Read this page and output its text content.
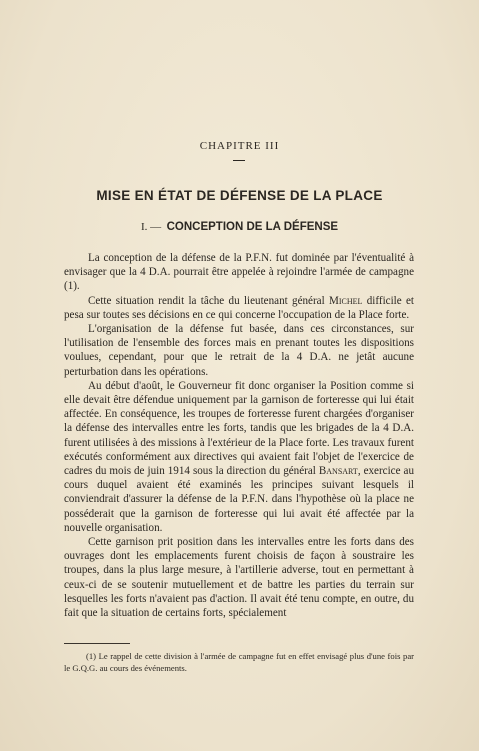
CHAPITRE III
MISE EN ÉTAT DE DÉFENSE DE LA PLACE
I. — CONCEPTION DE LA DÉFENSE

La conception de la défense de la P.F.N. fut dominée par l'éventualité à envisager que la 4 D.A. pourrait être appelée à rejoindre l'armée de campagne (1).

Cette situation rendit la tâche du lieutenant général Michel difficile et pesa sur toutes ses décisions en ce qui concerne l'occupation de la Place forte.

L'organisation de la défense fut basée, dans ces circonstances, sur l'utilisation de l'ensemble des forces mais en prenant toutes les dispositions voulues, cependant, pour que le retrait de la 4 D.A. ne jetât aucune perturbation dans les opérations.

Au début d'août, le Gouverneur fit donc organiser la Position comme si elle devait être défendue uniquement par la garnison de forteresse qui lui était affectée. En conséquence, les troupes de forteresse furent chargées d'organiser la défense des intervalles entre les forts, tandis que les brigades de la 4 D.A. furent utilisées à des missions à l'extérieur de la Place forte. Les travaux furent exécutés conformément aux directives qui avaient fait l'objet de l'exercice de cadres du mois de juin 1914 sous la direction du général Bansart, exercice au cours duquel avaient été examinés les principes suivant lesquels il conviendrait d'assurer la défense de la P.F.N. dans l'hypothèse où la place ne posséderait que la garnison de forteresse qui lui avait été affectée par la nouvelle organisation.

Cette garnison prit position dans les intervalles entre les forts dans des ouvrages dont les emplacements furent choisis de façon à soustraire les troupes, dans la plus large mesure, à l'artillerie adverse, tout en permettant à ceux-ci de se soutenir mutuellement et de battre les parties du terrain sur lesquelles les forts n'avaient pas d'action. Il avait été tenu compte, en outre, du fait que la situation de certains forts, spécialement

(1) Le rappel de cette division à l'armée de campagne fut en effet envisagé plus d'une fois par le G.Q.G. au cours des événements.
